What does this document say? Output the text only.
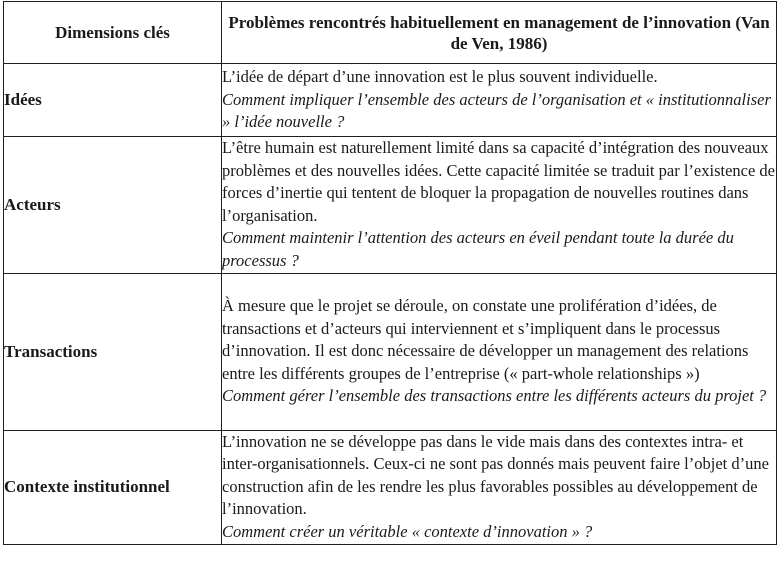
Dimensions clés	Problèmes rencontrés habituellement en management de l’innovation (Van de Ven, 1986)
Idées	L’idée de départ d’une innovation est le plus souvent individuelle.
Comment impliquer l’ensemble des acteurs de l’organisation et « institutionnaliser » l’idée nouvelle ?

Acteurs	L’être humain est naturellement limité dans sa capacité d’intégration des nouveaux problèmes et des nouvelles idées. Cette capacité limitée se traduit par l’existence de forces d’inertie qui tentent de bloquer la propagation de nouvelles routines dans l’organisation.
Comment maintenir l’attention des acteurs en éveil pendant toute la durée du processus ?

Transactions	À mesure que le projet se déroule, on constate une prolifération d’idées, de transactions et d’acteurs qui interviennent et s’impliquent dans le processus d’innovation. Il est donc nécessaire de développer un management des relations entre les différents groupes de l’entreprise (« part-whole relationships »)
Comment gérer l’ensemble des transactions entre les différents acteurs du projet ?

Contexte institutionnel	L’innovation ne se développe pas dans le vide mais dans des contextes intra- et inter-organisationnels. Ceux-ci ne sont pas donnés mais peuvent faire l’objet d’une construction afin de les rendre les plus favorables possibles au développement de l’innovation.
Comment créer un véritable « contexte d’innovation » ?
